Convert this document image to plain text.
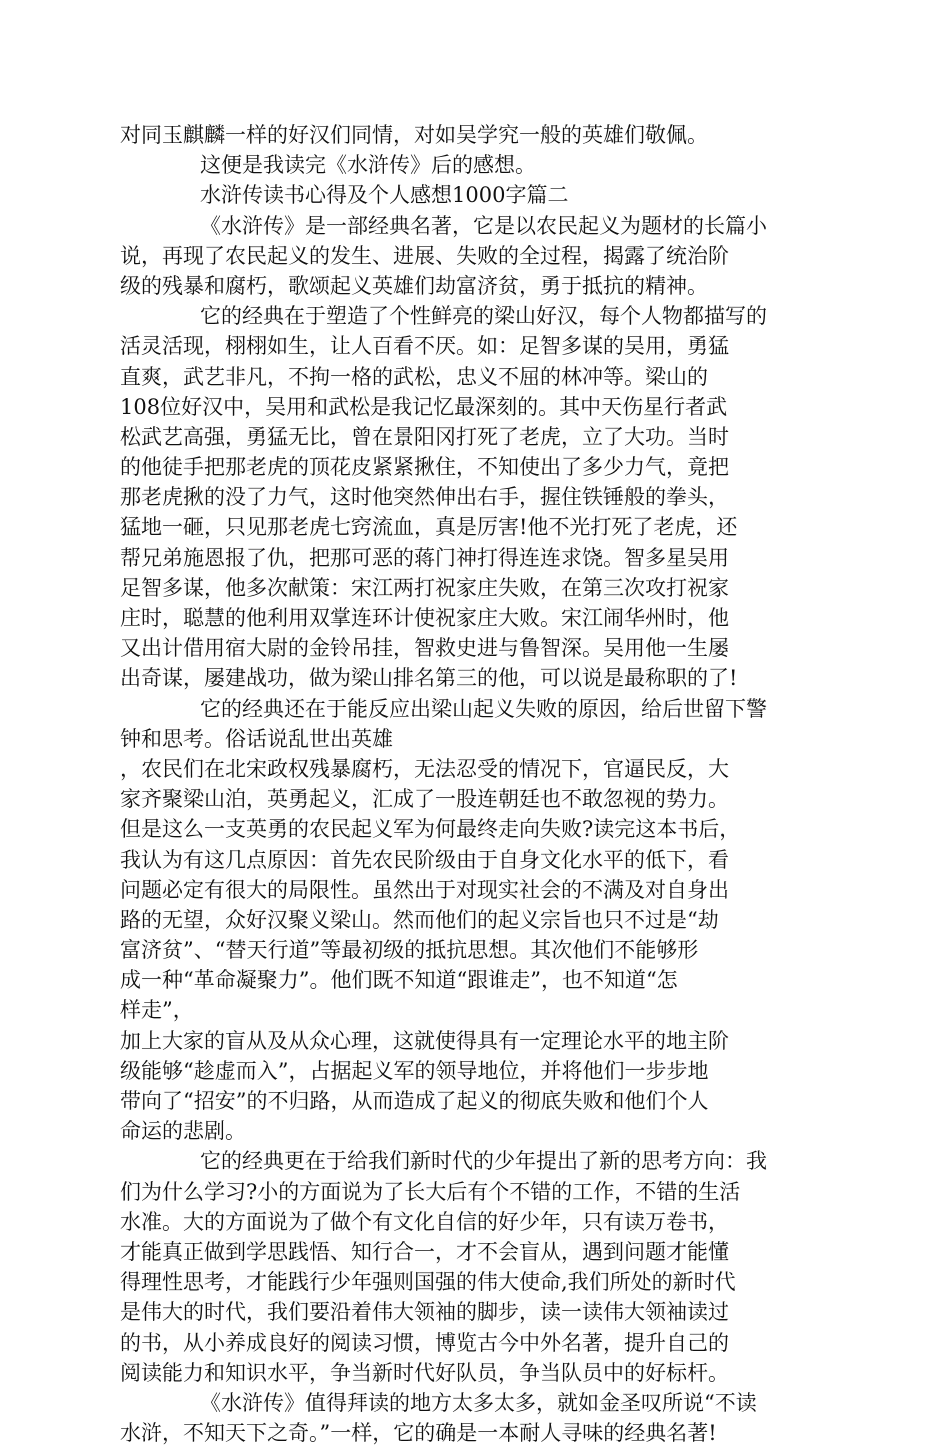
对同玉麒麟一样的好汉们同情，对如吴学究一般的英雄们敬佩。
这便是我读完《水浒传》后的感想。
水浒传读书心得及个人感想1000字篇二
《水浒传》是一部经典名著，它是以农民起义为题材的长篇小
说，再现了农民起义的发生、进展、失败的全过程，揭露了统治阶
级的残暴和腐朽，歌颂起义英雄们劫富济贫，勇于抵抗的精神。
它的经典在于塑造了个性鲜亮的梁山好汉，每个人物都描写的
活灵活现，栩栩如生，让人百看不厌。如：足智多谋的吴用，勇猛
直爽，武艺非凡，不拘一格的武松，忠义不屈的林冲等。梁山的
108位好汉中，吴用和武松是我记忆最深刻的。其中天伤星行者武
松武艺高强，勇猛无比，曾在景阳冈打死了老虎，立了大功。当时
的他徒手把那老虎的顶花皮紧紧揪住，不知使出了多少力气，竟把
那老虎揪的没了力气，这时他突然伸出右手，握住铁锤般的拳头，
猛地一砸，只见那老虎七窍流血，真是厉害!他不光打死了老虎，还
帮兄弟施恩报了仇，把那可恶的蒋门神打得连连求饶。智多星吴用
足智多谋，他多次献策：宋江两打祝家庄失败，在第三次攻打祝家
庄时，聪慧的他利用双掌连环计使祝家庄大败。宋江闹华州时，他
又出计借用宿大尉的金铃吊挂，智救史进与鲁智深。吴用他一生屡
出奇谋，屡建战功，做为梁山排名第三的他，可以说是最称职的了!
它的经典还在于能反应出梁山起义失败的原因，给后世留下警
钟和思考。俗话说乱世出英雄
，农民们在北宋政权残暴腐朽，无法忍受的情况下，官逼民反，大
家齐聚梁山泊，英勇起义，汇成了一股连朝廷也不敢忽视的势力。
但是这么一支英勇的农民起义军为何最终走向失败?读完这本书后，
我认为有这几点原因：首先农民阶级由于自身文化水平的低下，看
问题必定有很大的局限性。虽然出于对现实社会的不满及对自身出
路的无望，众好汉聚义梁山。然而他们的起义宗旨也只不过是“劫
富济贫”、“替天行道”等最初级的抵抗思想。其次他们不能够形
成一种“革命凝聚力”。他们既不知道“跟谁走”，也不知道“怎
样走”，
加上大家的盲从及从众心理，这就使得具有一定理论水平的地主阶
级能够“趁虚而入”，占据起义军的领导地位，并将他们一步步地
带向了“招安”的不归路，从而造成了起义的彻底失败和他们个人
命运的悲剧。
它的经典更在于给我们新时代的少年提出了新的思考方向：我
们为什么学习?小的方面说为了长大后有个不错的工作，不错的生活
水准。大的方面说为了做个有文化自信的好少年，只有读万卷书，
才能真正做到学思践悟、知行合一，才不会盲从，遇到问题才能懂
得理性思考，才能践行少年强则国强的伟大使命,我们所处的新时代
是伟大的时代，我们要沿着伟大领袖的脚步，读一读伟大领袖读过
的书，从小养成良好的阅读习惯，博览古今中外名著，提升自己的
阅读能力和知识水平，争当新时代好队员，争当队员中的好标杆。
《水浒传》值得拜读的地方太多太多，就如金圣叹所说“不读
水浒，不知天下之奇。”一样，它的确是一本耐人寻味的经典名著!
